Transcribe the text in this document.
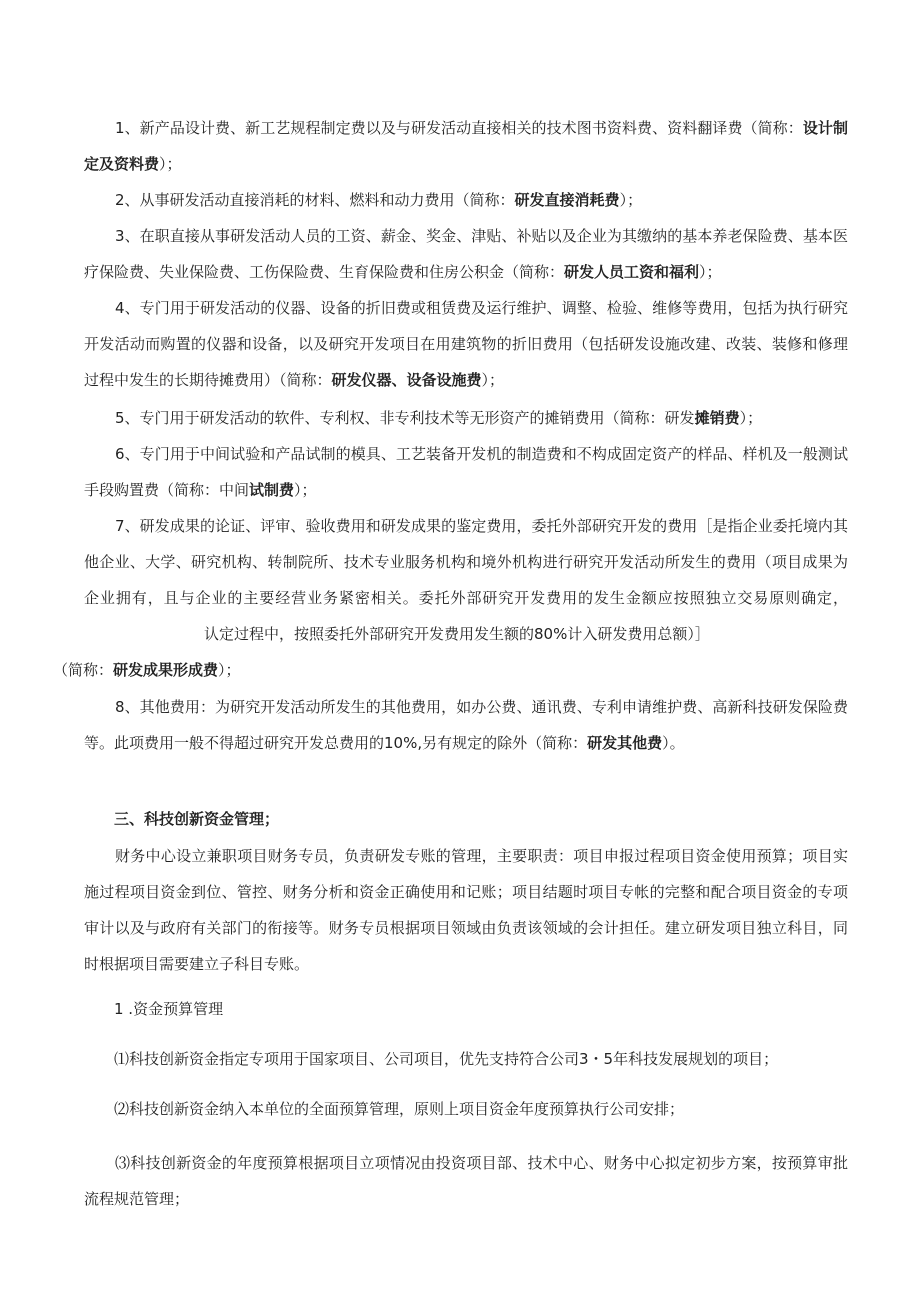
1、新产品设计费、新工艺规程制定费以及与研发活动直接相关的技术图书资料费、资料翻译费（简称：设计制定及资料费）；

2、从事研发活动直接消耗的材料、燃料和动力费用（简称：研发直接消耗费）；

3、在职直接从事研发活动人员的工资、薪金、奖金、津贴、补贴以及企业为其缴纳的基本养老保险费、基本医疗保险费、失业保险费、工伤保险费、生育保险费和住房公积金（简称：研发人员工资和福利）；

4、专门用于研发活动的仪器、设备的折旧费或租赁费及运行维护、调整、检验、维修等费用，包括为执行研究开发活动而购置的仪器和设备，以及研究开发项目在用建筑物的折旧费用（包括研发设施改建、改装、装修和修理过程中发生的长期待摊费用）（简称：研发仪器、设备设施费）；

5、专门用于研发活动的软件、专利权、非专利技术等无形资产的摊销费用（简称：研发摊销费）；

6、专门用于中间试验和产品试制的模具、工艺装备开发机的制造费和不构成固定资产的样品、样机及一般测试手段购置费（简称：中间试制费）；

7、研发成果的论证、评审、验收费用和研发成果的鉴定费用，委托外部研究开发的费用［是指企业委托境内其他企业、大学、研究机构、转制院所、技术专业服务机构和境外机构进行研究开发活动所发生的费用（项目成果为企业拥有，且与企业的主要经营业务紧密相关。委托外部研究开发费用的发生金额应按照独立交易原则确定，认定过程中，按照委托外部研究开发费用发生额的80%计入研发费用总额）］
（简称：研发成果形成费）；

8、其他费用：为研究开发活动所发生的其他费用，如办公费、通讯费、专利申请维护费、高新科技研发保险费等。此项费用一般不得超过研究开发总费用的10%,另有规定的除外（简称：研发其他费）。

三、科技创新资金管理；

财务中心设立兼职项目财务专员，负责研发专账的管理，主要职责：项目申报过程项目资金使用预算；项目实施过程项目资金到位、管控、财务分析和资金正确使用和记账；项目结题时项目专帐的完整和配合项目资金的专项审计以及与政府有关部门的衔接等。财务专员根据项目领域由负责该领域的会计担任。建立研发项目独立科目，同时根据项目需要建立子科目专账。

1 .资金预算管理

⑴科技创新资金指定专项用于国家项目、公司项目，优先支持符合公司3・5年科技发展规划的项目；

⑵科技创新资金纳入本单位的全面预算管理，原则上项目资金年度预算执行公司安排；

⑶科技创新资金的年度预算根据项目立项情况由投资项目部、技术中心、财务中心拟定初步方案，按预算审批流程规范管理；
